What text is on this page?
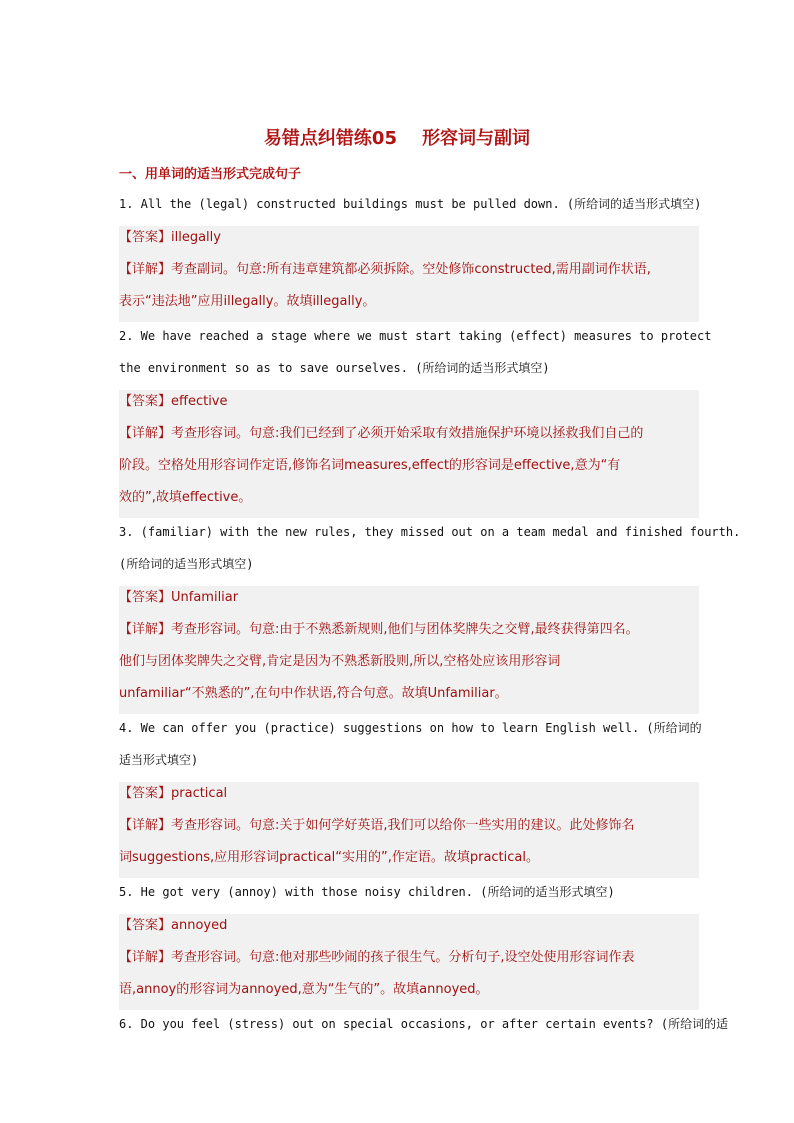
易错点纠错练05 形容词与副词
一、用单词的适当形式完成句子
1. All the (legal) constructed buildings must be pulled down. (所给词的适当形式填空)
【答案】illegally
【详解】考查副词。句意:所有违章建筑都必须拆除。空处修饰constructed,需用副词作状语,
表示“违法地”应用illegally。故填illegally。
2. We have reached a stage where we must start taking (effect) measures to protect
the environment so as to save ourselves. (所给词的适当形式填空)
【答案】effective
【详解】考查形容词。句意:我们已经到了必须开始采取有效措施保护环境以拯救我们自己的
阶段。空格处用形容词作定语,修饰名词measures,effect的形容词是effective,意为“有
效的”,故填effective。
3. (familiar) with the new rules, they missed out on a team medal and finished fourth.
(所给词的适当形式填空)
【答案】Unfamiliar
【详解】考查形容词。句意:由于不熟悉新规则,他们与团体奖牌失之交臂,最终获得第四名。
他们与团体奖牌失之交臂,肯定是因为不熟悉新股则,所以,空格处应该用形容词
unfamiliar“不熟悉的”,在句中作状语,符合句意。故填Unfamiliar。
4. We can offer you (practice) suggestions on how to learn English well. (所给词的
适当形式填空)
【答案】practical
【详解】考查形容词。句意:关于如何学好英语,我们可以给你一些实用的建议。此处修饰名
词suggestions,应用形容词practical“实用的”,作定语。故填practical。
5. He got very (annoy) with those noisy children. (所给词的适当形式填空)
【答案】annoyed
【详解】考查形容词。句意:他对那些吵闹的孩子很生气。分析句子,设空处使用形容词作表
语,annoy的形容词为annoyed,意为“生气的”。故填annoyed。
6. Do you feel (stress) out on special occasions, or after certain events? (所给词的适
